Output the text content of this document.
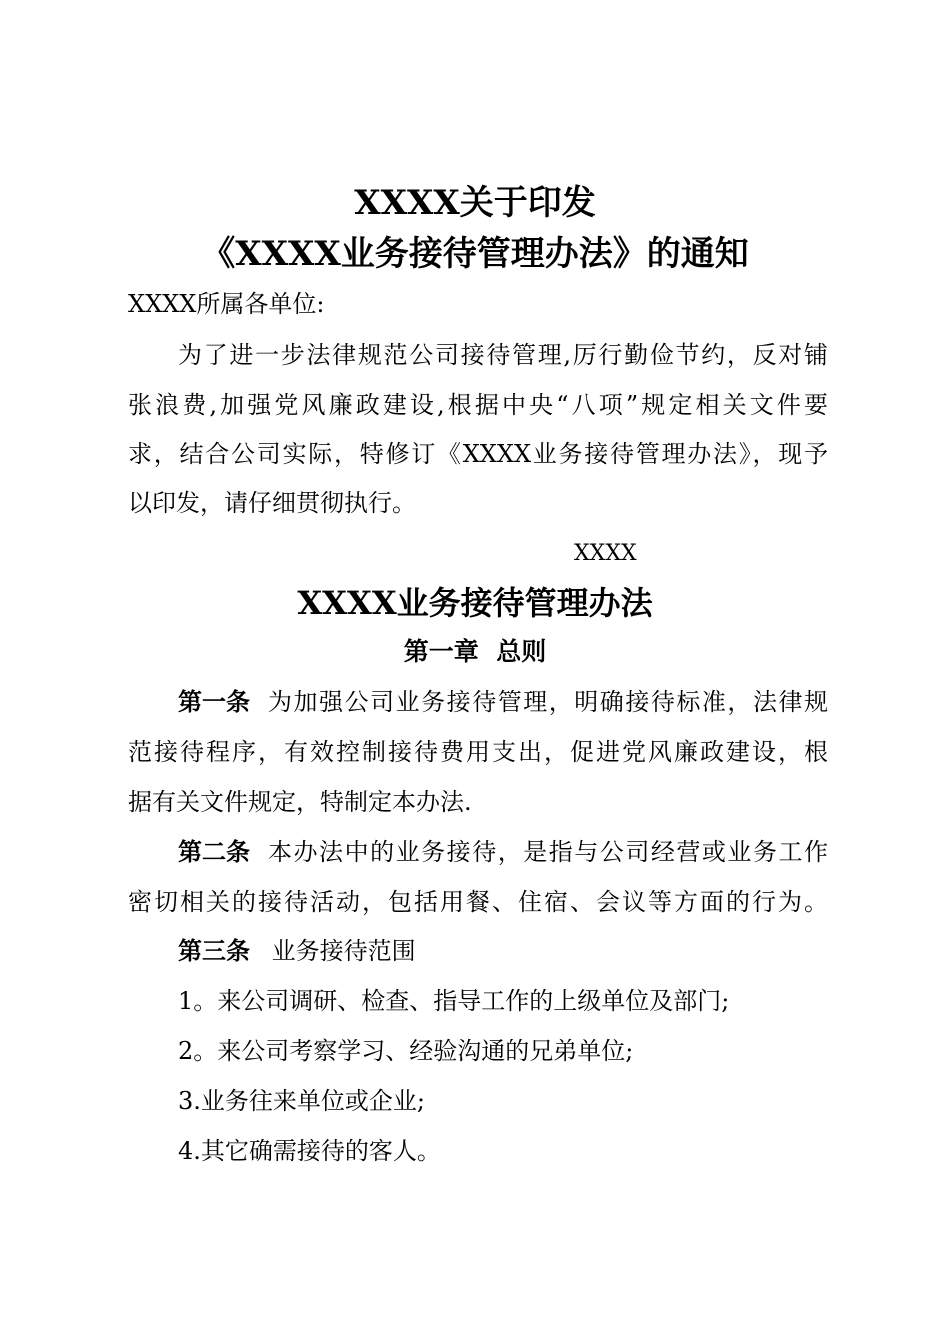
XXXX关于印发
《XXXX业务接待管理办法》的通知
XXXX所属各单位:
为了进一步法律规范公司接待管理,厉行勤俭节约，反对铺
张浪费,加强党风廉政建设,根据中央“八项”规定相关文件要
求，结合公司实际，特修订《XXXX业务接待管理办法》，现予
以印发，请仔细贯彻执行。
XXXX
XXXX业务接待管理办法
第一章  总则
第一条 为加强公司业务接待管理，明确接待标准，法律规
范接待程序，有效控制接待费用支出，促进党风廉政建设，根
据有关文件规定，特制定本办法.
第二条 本办法中的业务接待，是指与公司经营或业务工作
密切相关的接待活动，包括用餐、住宿、会议等方面的行为。
第三条 业务接待范围
1。来公司调研、检查、指导工作的上级单位及部门;
2。来公司考察学习、经验沟通的兄弟单位;
3.业务往来单位或企业;
4.其它确需接待的客人。
